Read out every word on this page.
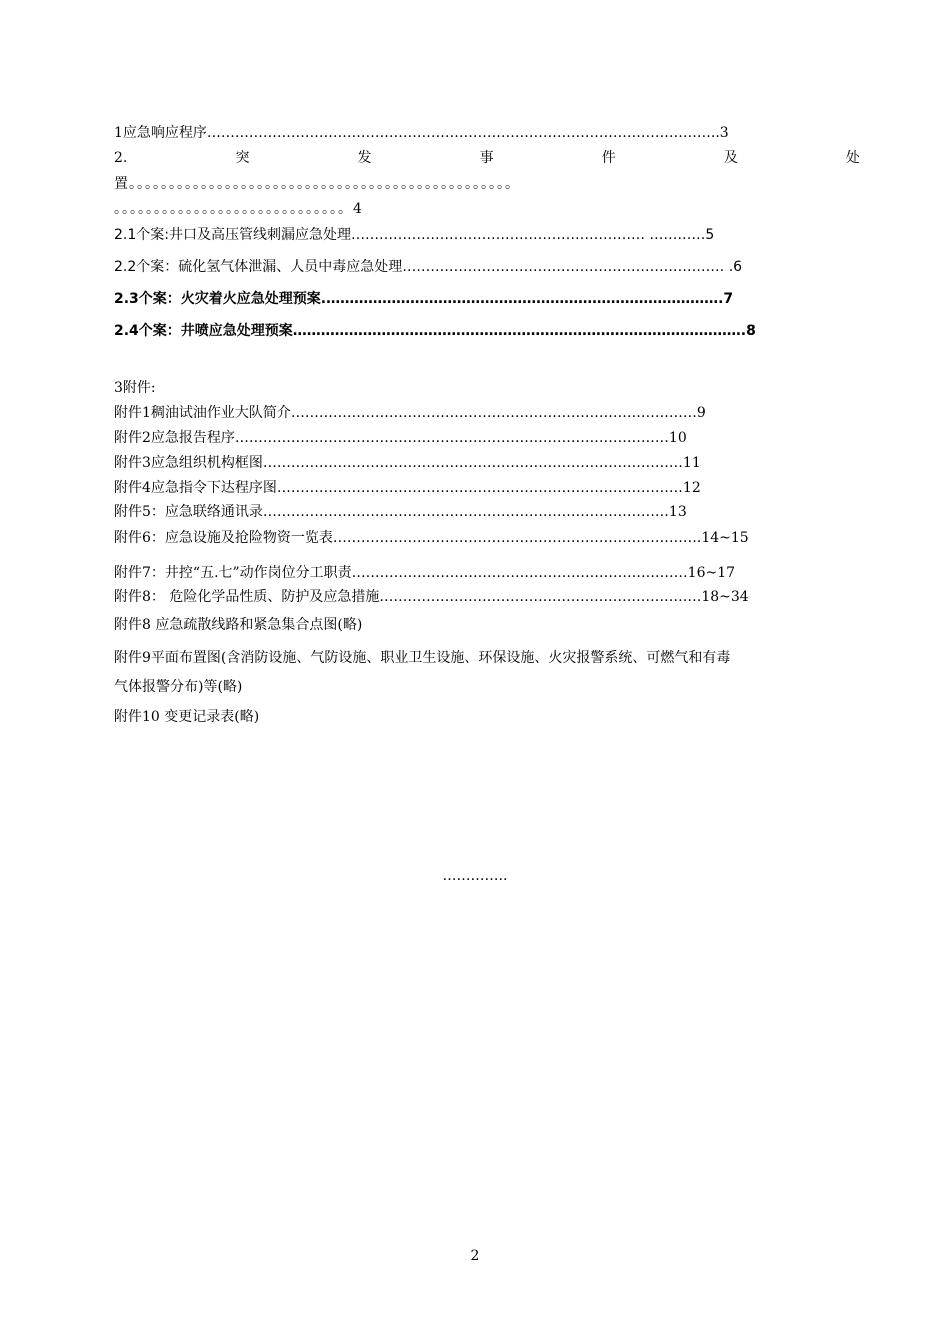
1应急响应程序………………………………………………………………………………………………..3
2.	突	发	事	件	及	处
置。。。。。。。。。。。。。。。。。。。。。。。。。。。。。。。。。。。。。。。。。。。。。。。。
。。。。。。。。。。。。。。。。。。。。。。。。。。。。。4
2.1个案:井口及高压管线刺漏应急处理……………………………………………………… …………5
2.2个案：硫化氢气体泄漏、人员中毒应急处理…………………………………………………………… .6
2.3个案：火灾着火应急处理预案.………………………………………………………………………….7
2.4个案：井喷应急处理预案…………………………………………………………………………………….8
3附件:
附件1稠油试油作业大队简介……………………………………………………………………………9
附件2应急报告程序…………………………………………………………………………………10
附件3应急组织机构框图………………………………………………………………………………11
附件4应急指令下达程序图……………………………………………………………………………12
附件5：应急联络通讯录……………………………………………………………………………13
附件6：应急设施及抢险物资一览表…………………………………………………………………….14~15
附件7：井控“五.七”动作岗位分工职责………………………………………………………………16~17
附件8： 危险化学品性质、防护及应急措施……………………………………………………………18~34
附件8 应急疏散线路和紧急集合点图(略)
附件9平面布置图(含消防设施、气防设施、职业卫生设施、环保设施、火灾报警系统、可燃气和有毒
气体报警分布)等(略)
附件10 变更记录表(略)
…………..
2
